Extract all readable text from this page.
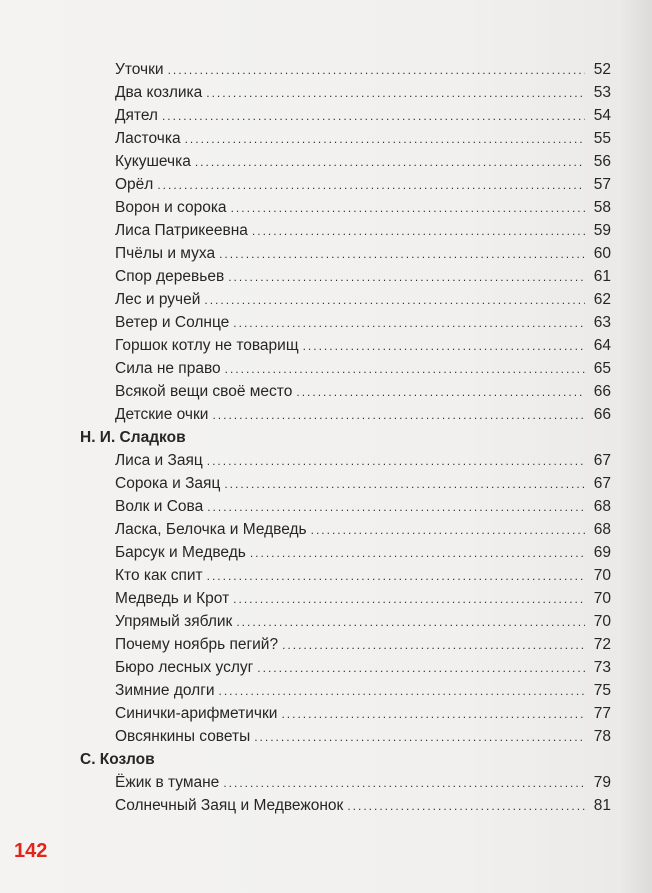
Уточки .....	52
Два козлика .....	53
Дятел .....	54
Ласточка .....	55
Кукушечка .....	56
Орёл .....	57
Ворон и сорока .....	58
Лиса Патрикеевна .....	59
Пчёлы и муха .....	60
Спор деревьев .....	61
Лес и ручей .....	62
Ветер и Солнце .....	63
Горшок котлу не товарищ .....	64
Сила не право .....	65
Всякой вещи своё место .....	66
Детские очки .....	66
Н. И. Сладков
Лиса и Заяц .....	67
Сорока и Заяц .....	67
Волк и Сова .....	68
Ласка, Белочка и Медведь .....	68
Барсук и Медведь .....	69
Кто как спит .....	70
Медведь и Крот .....	70
Упрямый зяблик .....	70
Почему ноябрь пегий? .....	72
Бюро лесных услуг .....	73
Зимние долги .....	75
Синички-арифметички .....	77
Овсянкины советы .....	78
С. Козлов
Ёжик в тумане .....	79
Солнечный Заяц и Медвежонок .....	81
142
